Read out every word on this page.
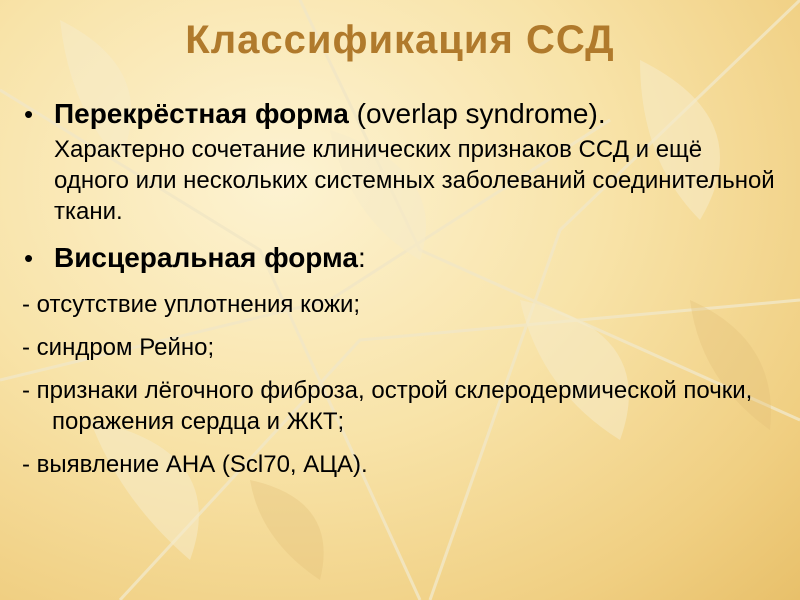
Классификация ССД
• Перекрёстная форма (overlap syndrome).
Характерно сочетание клинических признаков ССД и ещё одного или нескольких системных заболеваний соединительной ткани.
• Висцеральная форма:
- отсутствие уплотнения кожи;
- синдром Рейно;
- признаки лёгочного фиброза, острой склеродермической почки, поражения сердца и ЖКТ;
- выявление АНА (Scl70, АЦА).
